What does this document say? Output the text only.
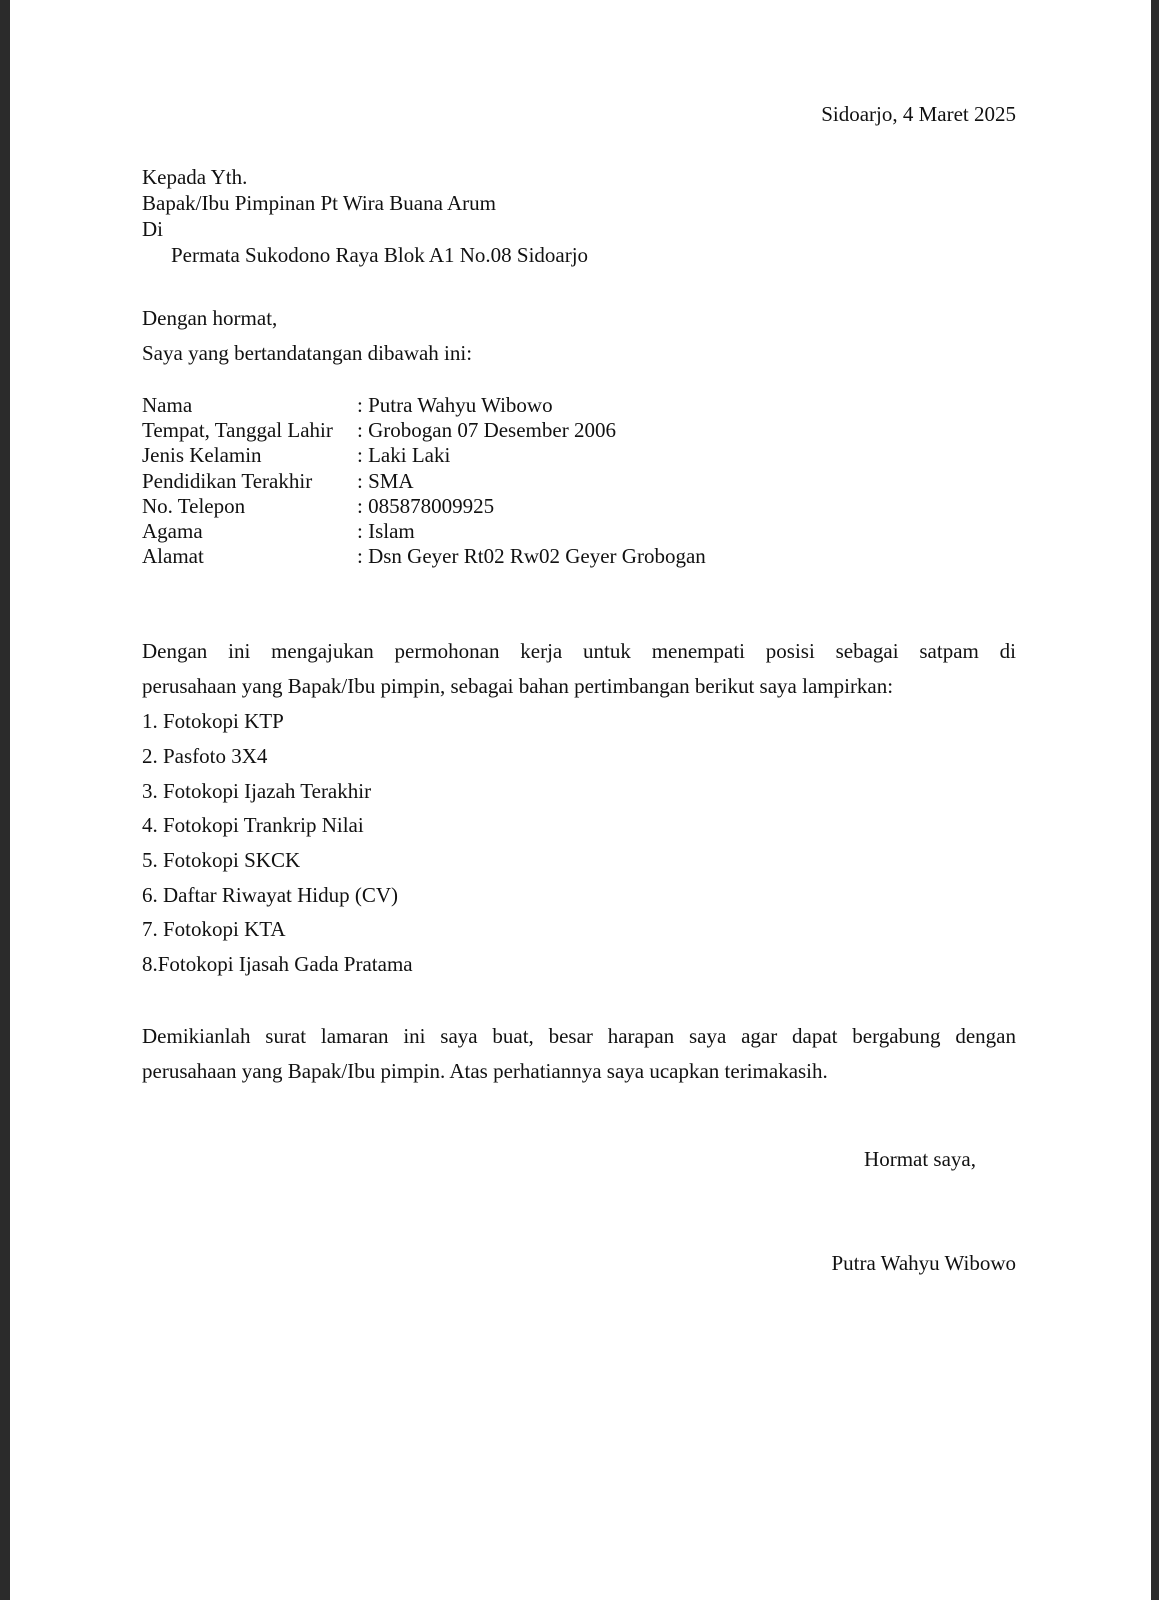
Sidoarjo, 4 Maret 2025
Kepada Yth.
Bapak/Ibu Pimpinan Pt Wira Buana Arum
Di
Permata Sukodono Raya Blok A1 No.08 Sidoarjo
Dengan hormat,
Saya yang bertandatangan dibawah ini:
Nama	: Putra Wahyu Wibowo
Tempat, Tanggal Lahir : Grobogan 07 Desember 2006
Jenis Kelamin	: Laki Laki
Pendidikan Terakhir : SMA
No. Telepon	: 085878009925
Agama	: Islam
Alamat	: Dsn Geyer Rt02 Rw02 Geyer Grobogan
Dengan ini mengajukan permohonan kerja untuk menempati posisi sebagai satpam di
perusahaan yang Bapak/Ibu pimpin, sebagai bahan pertimbangan berikut saya lampirkan:
1. Fotokopi KTP
2. Pasfoto 3X4
3. Fotokopi Ijazah Terakhir
4. Fotokopi Trankrip Nilai
5. Fotokopi SKCK
6. Daftar Riwayat Hidup (CV)
7. Fotokopi KTA
8.Fotokopi Ijasah Gada Pratama
Demikianlah surat lamaran ini saya buat, besar harapan saya agar dapat bergabung dengan
perusahaan yang Bapak/Ibu pimpin. Atas perhatiannya saya ucapkan terimakasih.
Hormat saya,
Putra Wahyu Wibowo
